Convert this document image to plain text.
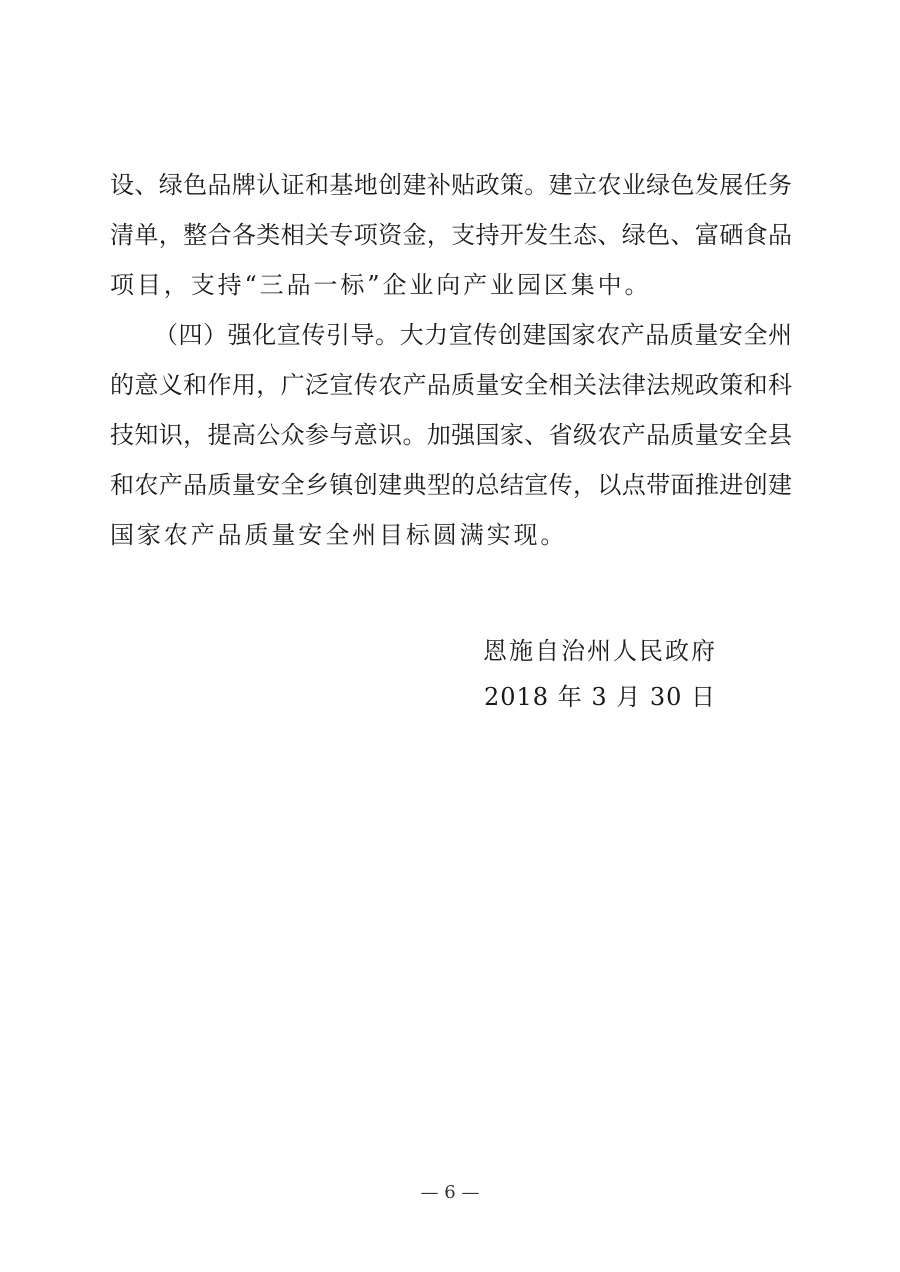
设、绿色品牌认证和基地创建补贴政策。建立农业绿色发展任务
清单，整合各类相关专项资金，支持开发生态、绿色、富硒食品
项目，支持“三品一标”企业向产业园区集中。
（四）强化宣传引导。大力宣传创建国家农产品质量安全州
的意义和作用，广泛宣传农产品质量安全相关法律法规政策和科
技知识，提高公众参与意识。加强国家、省级农产品质量安全县
和农产品质量安全乡镇创建典型的总结宣传，以点带面推进创建
国家农产品质量安全州目标圆满实现。
恩施自治州人民政府
2018 年 3 月 30 日
— 6 —
